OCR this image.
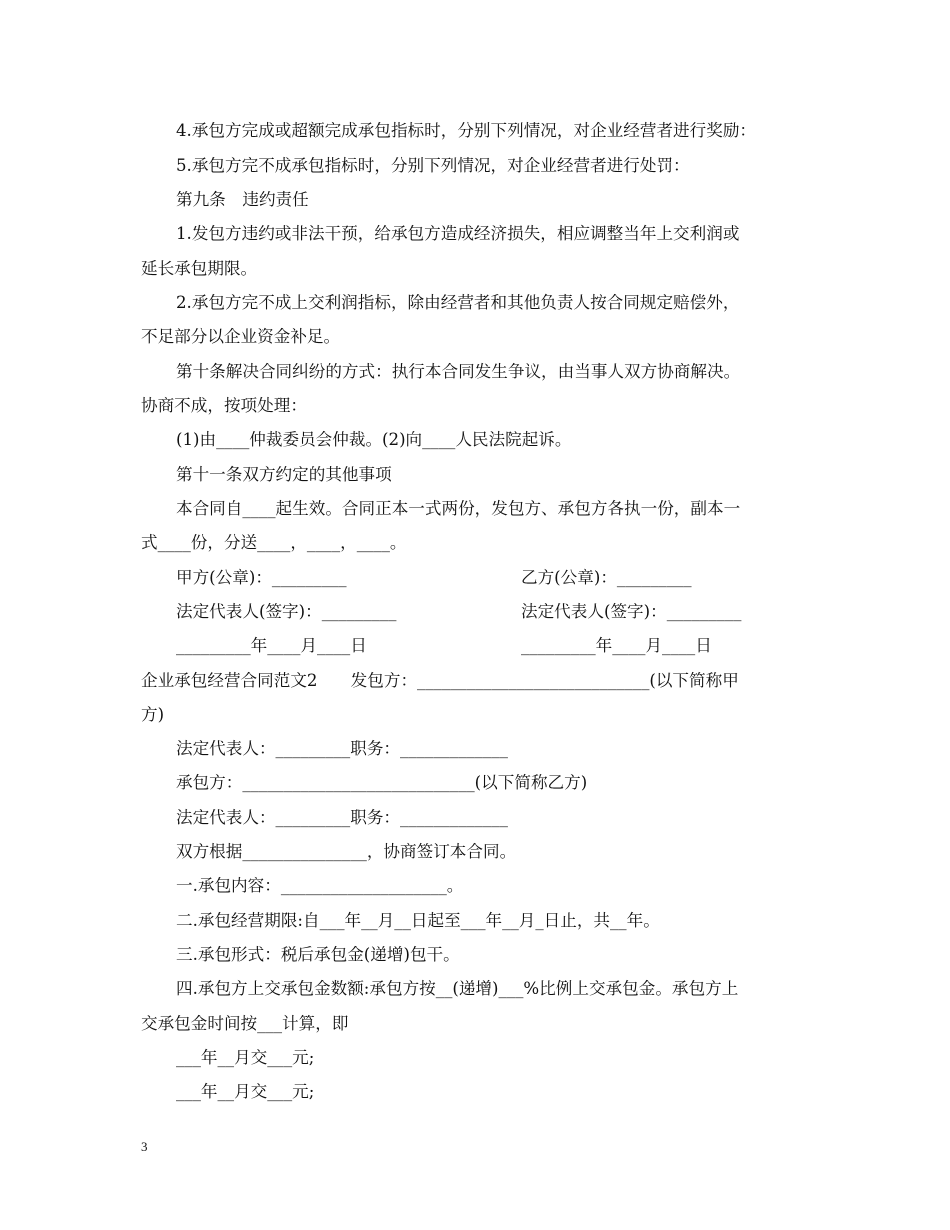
4.承包方完成或超额完成承包指标时，分别下列情况，对企业经营者进行奖励：
5.承包方完不成承包指标时，分别下列情况，对企业经营者进行处罚：
第九条　违约责任
1.发包方违约或非法干预，给承包方造成经济损失，相应调整当年上交利润或
延长承包期限。
2.承包方完不成上交利润指标，除由经营者和其他负责人按合同规定赔偿外，
不足部分以企业资金补足。
第十条解决合同纠纷的方式：执行本合同发生争议，由当事人双方协商解决。
协商不成，按项处理：
(1)由____仲裁委员会仲裁。(2)向____人民法院起诉。
第十一条双方约定的其他事项
本合同自____起生效。合同正本一式两份，发包方、承包方各执一份，副本一
式____份，分送____，____，____。
甲方(公章)：_________	乙方(公章)：_________
法定代表人(签字)：_________	法定代表人(签字)：_________
_________年____月____日	_________年____月____日
企业承包经营合同范文2　　发包方：____________________________(以下简称甲
方)
法定代表人：_________职务：_____________
承包方：____________________________(以下简称乙方)
法定代表人：_________职务：_____________
双方根据_______________，协商签订本合同。
一.承包内容：____________________。
二.承包经营期限:自___年__月__日起至___年__月_日止，共__年。
三.承包形式：税后承包金(递增)包干。
四.承包方上交承包金数额:承包方按__(递增)___%比例上交承包金。承包方上
交承包金时间按___计算，即
___年__月交___元;
___年__月交___元;
3
